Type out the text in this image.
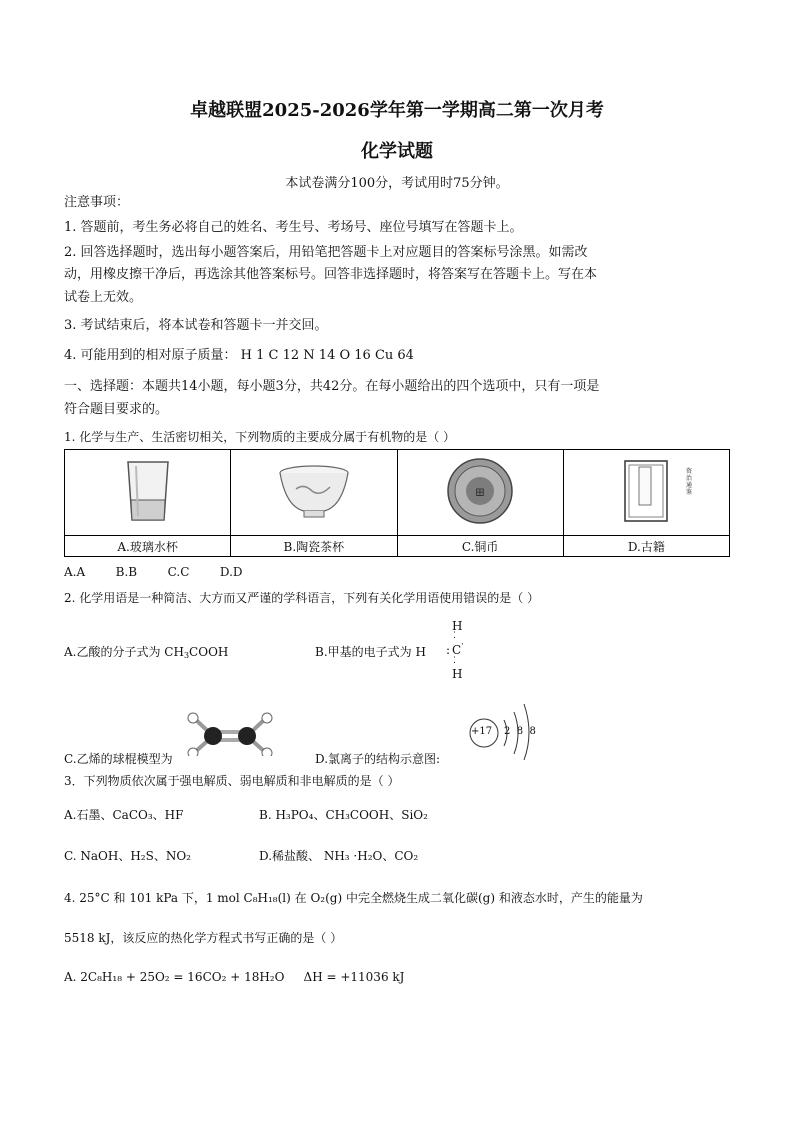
卓越联盟2025-2026学年第一学期高二第一次月考
化学试题
本试卷满分100分，考试用时75分钟。
注意事项：
1. 答题前，考生务必将自己的姓名、考生号、考场号、座位号填写在答题卡上。
2. 回答选择题时，选出每小题答案后，用铅笔把答题卡上对应题目的答案标号涂黑。如需改
动，用橡皮擦干净后，再选涂其他答案标号。回答非选择题时，将答案写在答题卡上。写在本
试卷上无效。
3. 考试结束后，将本试卷和答题卡一并交回。
4. 可能用到的相对原子质量： H 1 C 12 N 14 O 16 Cu 64
一、选择题：本题共14小题，每小题3分，共42分。在每小题给出的四个选项中，只有一项是
符合题目要求的。
1. 化学与生产、生活密切相关，下列物质的主要成分属于有机物的是（ ）

⊞

A.玻璃水杯	B.陶瓷茶杯	C.铜币	D.古籍
资治通鉴
A.A        B.B        C.C        D.D
2. 化学用语是一种简洁、大方而又严谨的学科语言，下列有关化学用语使用错误的是（ ）
A.乙酸的分子式为 $CH_3COOH$	B.甲基的电子式为 H
H
⁚
: C ·
⁚
H
C.乙烯的球棍模型为	D.氯离子的结构示意图:
+17 2  8  8
3．下列物质依次属于强电解质、弱电解质和非电解质的是（ ）
A.石墨、CaCO₃、HF	B. H₃PO₄、CH₃COOH、SiO₂
C. NaOH、H₂S、NO₂	D.稀盐酸、 NH₃ ·H₂O、CO₂
4. 25°C 和 101 kPa 下，1 mol C₈H₁₈(l) 在 O₂(g) 中完全燃烧生成二氧化碳(g) 和液态水时，产生的能量为
5518 kJ，该反应的热化学方程式书写正确的是（ ）
A. 2C₈H₁₈ + 25O₂ = 16CO₂ + 18H₂O     ΔH = +11036 kJ
